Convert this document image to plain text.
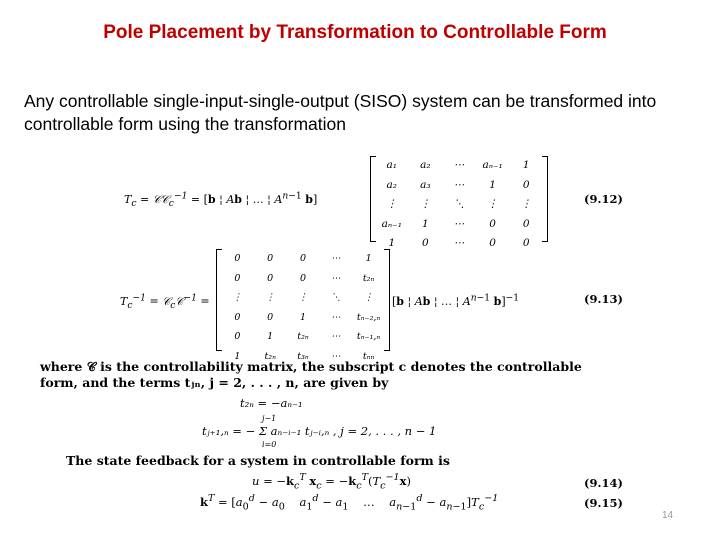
Pole Placement by Transformation to Controllable Form
Any controllable single-input-single-output (SISO) system can be transformed into controllable form using the transformation
$T_c$ = 𝒞𝒞$_c^{-1}$ = [b ¦ Ab ¦ … ¦ $A^{n-1}$ b]
a₁	a₂	⋯	aₙ₋₁	1
a₂	a₃	⋯	1	0
⋮	⋮	⋱	⋮	⋮
aₙ₋₁	1	⋯	0	0
1	0	⋯	0	0
(9.12)
$T_c^{-1}$ = 𝒞$_c$𝒞$^{-1}$ =
0	0	0	⋯	1
0	0	0	⋯	t₂ₙ
⋮	⋮	⋮	⋱	⋮
0	0	1	⋯	tₙ₋₂,ₙ
0	1	t₂ₙ	⋯	tₙ₋₁,ₙ
1	t₂ₙ	t₃ₙ	⋯	tₙₙ
[b ¦ Ab ¦ … ¦ $A^{n-1}$ b]$^{-1}$	(9.13)
where 𝒞 is the controllability matrix, the subscript c denotes the controllable
form, and the terms tⱼₙ, j = 2, . . . , n, are given by
t₂ₙ = −aₙ₋₁
j−1
tⱼ₊₁,ₙ = − Σ aₙ₋ᵢ₋₁ tⱼ₋ᵢ,ₙ , j = 2, . . . , n − 1
i=0
The state feedback for a system in controllable form is
$u = -k_c^T$ $x_c = -k_c^T(T_c^{-1}x)$	(9.14)
$k^T = [a_0^d - a_0$ $a_1^d - a_1$    …    $a_{n-1}^d - a_{n-1}]T_c^{-1}$	(9.15)
14
